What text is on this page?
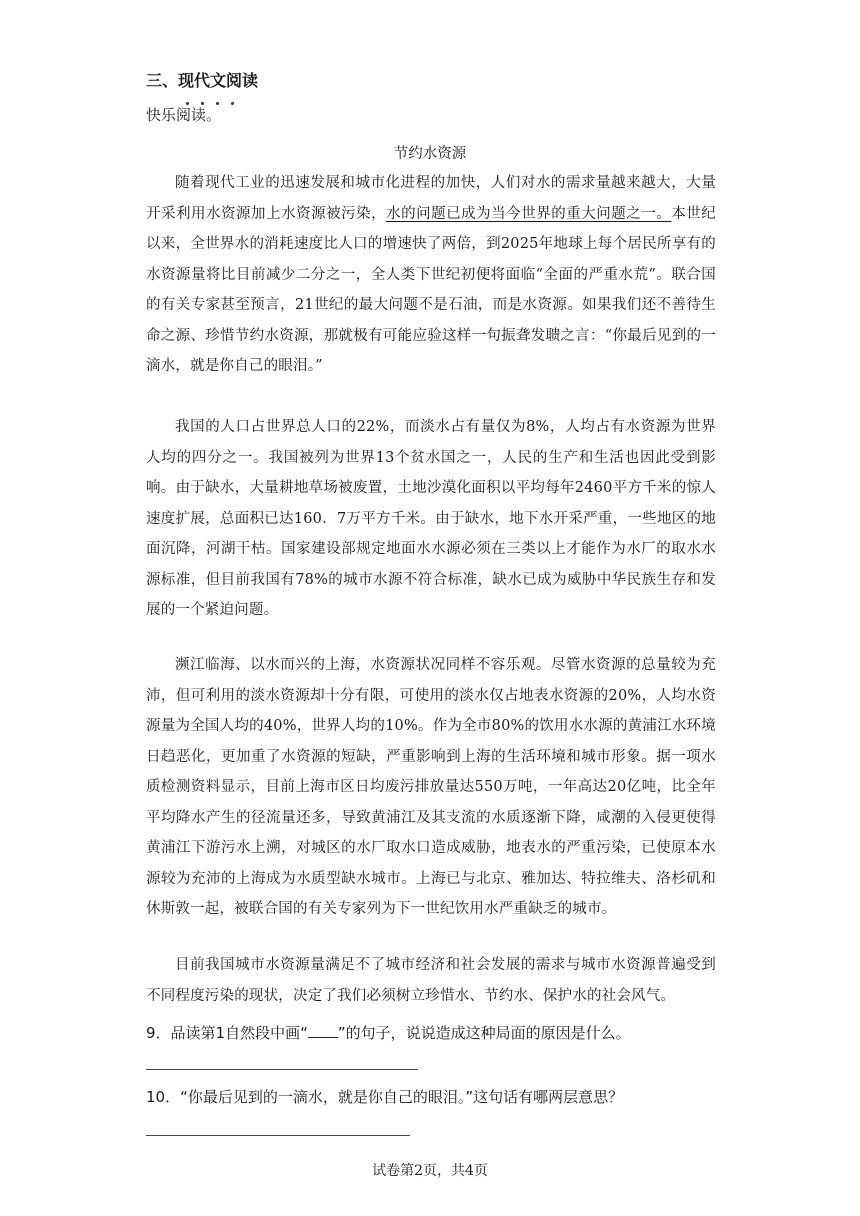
三、现代文阅读
快乐阅读。
节约水资源
随着现代工业的迅速发展和城市化进程的加快，人们对水的需求量越来越大，大量开采利用水资源加上水资源被污染，水的问题已成为当今世界的重大问题之一。本世纪以来，全世界水的消耗速度比人口的增速快了两倍，到2025年地球上每个居民所享有的水资源量将比目前减少二分之一，全人类下世纪初便将面临“全面的严重水荒”。联合国的有关专家甚至预言，21世纪的最大问题不是石油，而是水资源。如果我们还不善待生命之源、珍惜节约水资源，那就极有可能应验这样一句振聋发聩之言：“你最后见到的一滴水，就是你自己的眼泪。”
我国的人口占世界总人口的22%，而淡水占有量仅为8%，人均占有水资源为世界人均的四分之一。我国被列为世界13个贫水国之一，人民的生产和生活也因此受到影响。由于缺水，大量耕地草场被废置，土地沙漠化面积以平均每年2460平方千米的惊人速度扩展，总面积已达160．7万平方千米。由于缺水，地下水开采严重，一些地区的地面沉降，河湖干枯。国家建设部规定地面水水源必须在三类以上才能作为水厂的取水水源标准，但目前我国有78%的城市水源不符合标准，缺水已成为威胁中华民族生存和发展的一个紧迫问题。
濒江临海、以水而兴的上海，水资源状况同样不容乐观。尽管水资源的总量较为充沛，但可利用的淡水资源却十分有限，可使用的淡水仅占地表水资源的20%，人均水资源量为全国人均的40%，世界人均的10%。作为全市80%的饮用水水源的黄浦江水环境日趋恶化，更加重了水资源的短缺，严重影响到上海的生活环境和城市形象。据一项水质检测资料显示，目前上海市区日均废污排放量达550万吨，一年高达20亿吨，比全年平均降水产生的径流量还多，导致黄浦江及其支流的水质逐渐下降，咸潮的入侵更使得黄浦江下游污水上溯，对城区的水厂取水口造成威胁，地表水的严重污染，已使原本水源较为充沛的上海成为水质型缺水城市。上海已与北京、雅加达、特拉维夫、洛杉矶和休斯敦一起，被联合国的有关专家列为下一世纪饮用水严重缺乏的城市。
目前我国城市水资源量满足不了城市经济和社会发展的需求与城市水资源普遍受到不同程度污染的现状，决定了我们必须树立珍惜水、节约水、保护水的社会风气。
9．品读第1自然段中画“ ”的句子，说说造成这种局面的原因是什么。
10．“你最后见到的一滴水，就是你自己的眼泪。”这句话有哪两层意思？
试卷第2页，共4页
